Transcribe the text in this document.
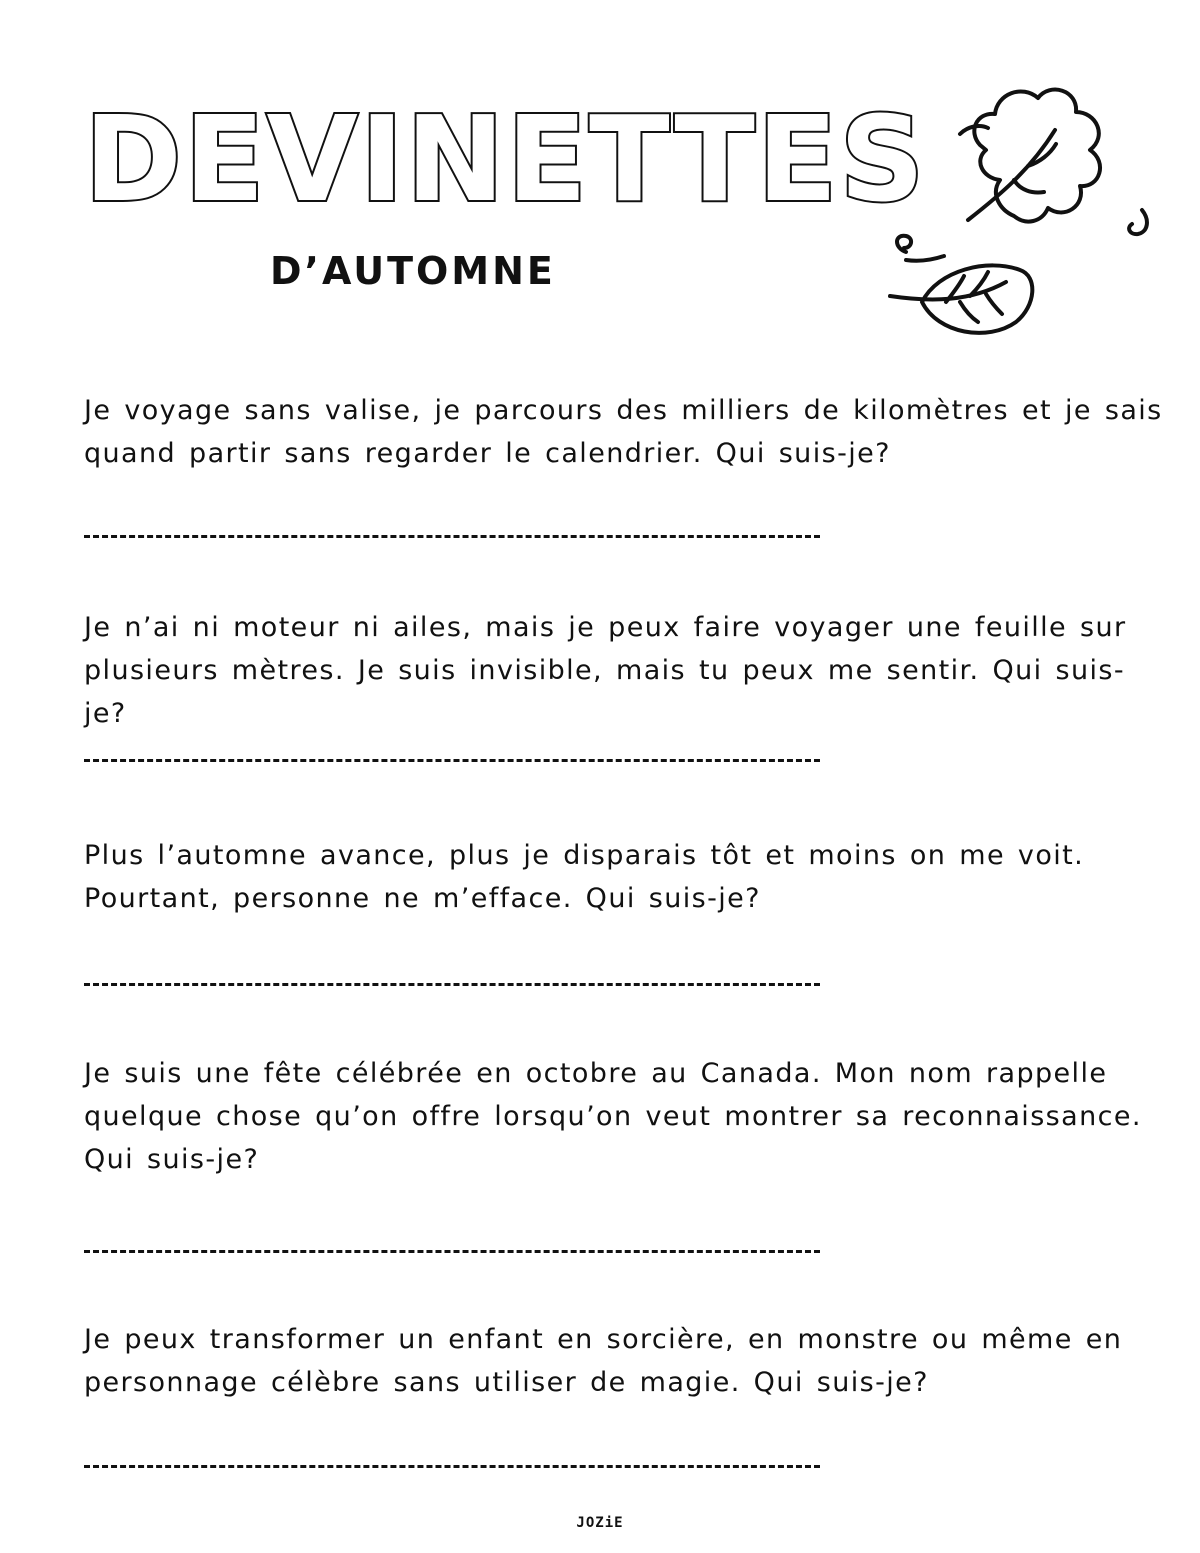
DEVINETTES
D’AUTOMNE

Je voyage sans valise, je parcours des milliers de kilomètres et je sais quand partir sans regarder le calendrier. Qui suis-je?

Je n’ai ni moteur ni ailes, mais je peux faire voyager une feuille sur plusieurs mètres. Je suis invisible, mais tu peux me sentir. Qui suis-je?

Plus l’automne avance, plus je disparais tôt et moins on me voit. Pourtant, personne ne m’efface. Qui suis-je?

Je suis une fête célébrée en octobre au Canada. Mon nom rappelle quelque chose qu’on offre lorsqu’on veut montrer sa reconnaissance. Qui suis-je?

Je peux transformer un enfant en sorcière, en monstre ou même en personnage célèbre sans utiliser de magie. Qui suis-je?

JOZiE
